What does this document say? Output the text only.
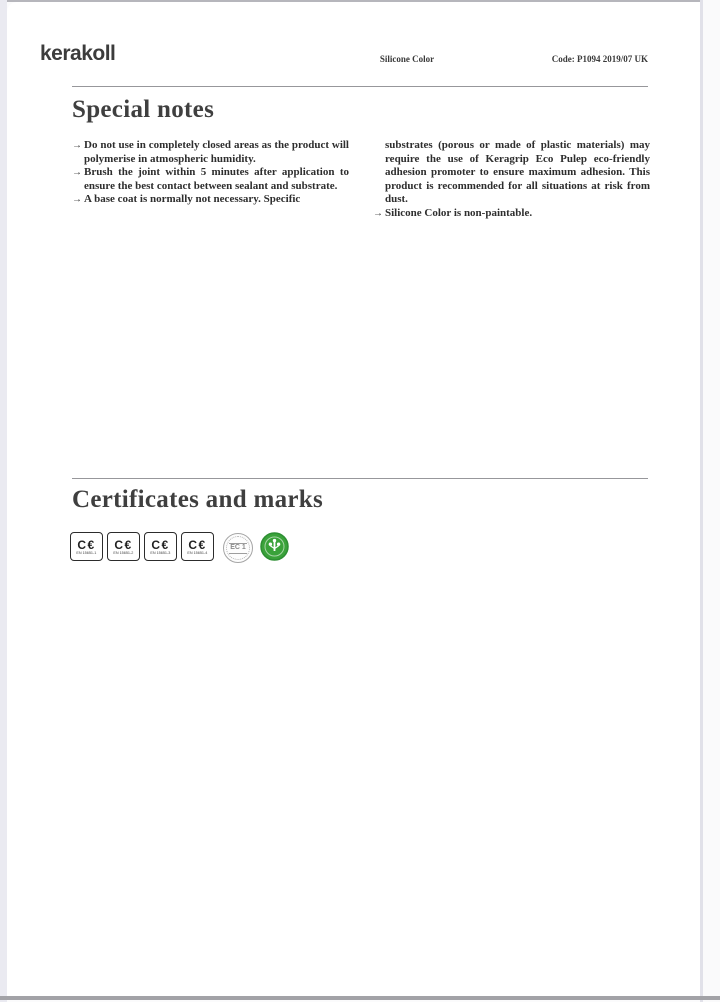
kerakoll	Silicone Color	Code: P1094 2019/07 UK
Special notes
→ Do not use in completely closed areas as the product will polymerise in atmospheric humidity.
→ Brush the joint within 5 minutes after application to ensure the best contact between sealant and substrate.
→ A base coat is normally not necessary. Specific
substrates (porous or made of plastic materials) may require the use of Keragrip Eco Pulep eco-friendly adhesion promoter to ensure maximum adhesion. This product is recommended for all situations at risk from dust.
→ Silicone Color is non-paintable.
Certificates and marks
C€
EN 15651-1
C€
EN 15651-2
C€
EN 15651-3
C€
EN 15651-4
EC 1
